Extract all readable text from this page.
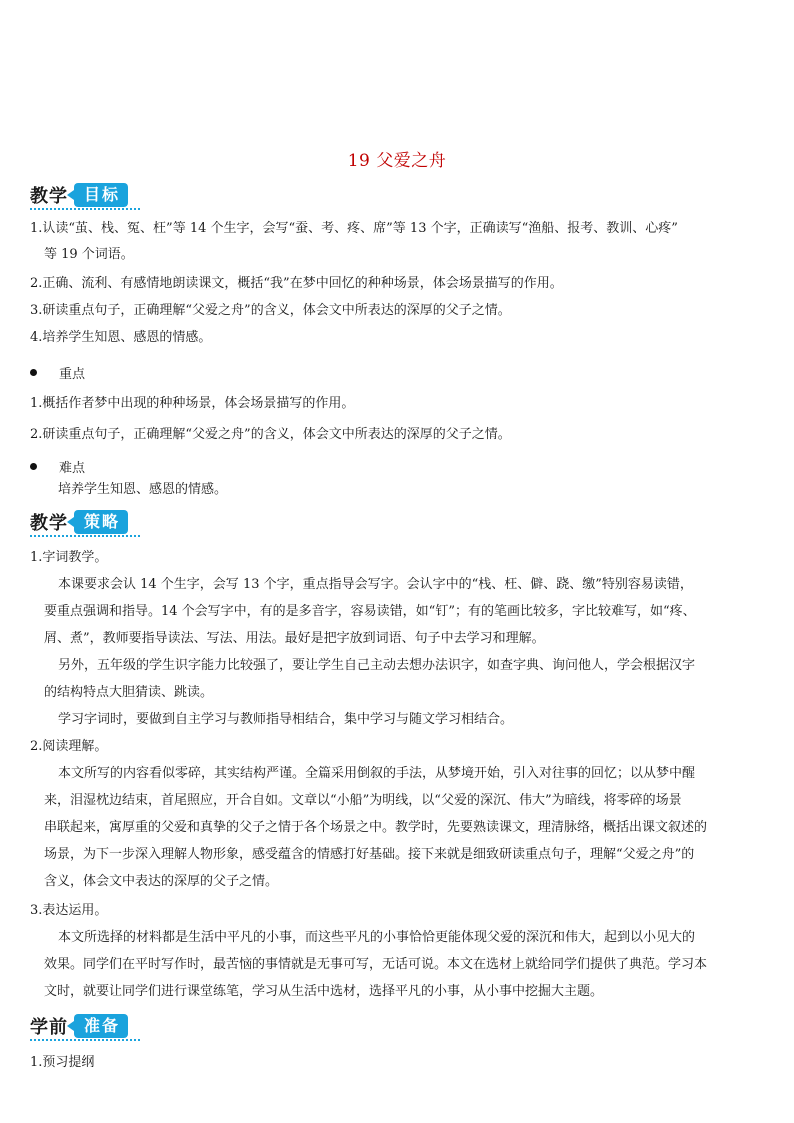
19 父爱之舟
教学	目标
1.认读“茧、栈、冤、枉”等 14 个生字，会写“蚕、考、疼、席”等 13 个字，正确读写“渔船、报考、教训、心疼”
等 19 个词语。
2.正确、流利、有感情地朗读课文，概括“我”在梦中回忆的种种场景，体会场景描写的作用。
3.研读重点句子，正确理解“父爱之舟”的含义，体会文中所表达的深厚的父子之情。
4.培养学生知恩、感恩的情感。
重点
1.概括作者梦中出现的种种场景，体会场景描写的作用。
2.研读重点句子，正确理解“父爱之舟”的含义，体会文中所表达的深厚的父子之情。
难点
培养学生知恩、感恩的情感。
教学	策略
1.字词教学。
本课要求会认 14 个生字，会写 13 个字，重点指导会写字。会认字中的“栈、枉、僻、跷、缴”特别容易读错，
要重点强调和指导。14 个会写字中，有的是多音字，容易读错，如“钉”；有的笔画比较多，字比较难写，如“疼、
屑、煮”，教师要指导读法、写法、用法。最好是把字放到词语、句子中去学习和理解。
另外，五年级的学生识字能力比较强了，要让学生自己主动去想办法识字，如查字典、询问他人，学会根据汉字
的结构特点大胆猜读、跳读。
学习字词时，要做到自主学习与教师指导相结合，集中学习与随文学习相结合。
2.阅读理解。
本文所写的内容看似零碎，其实结构严谨。全篇采用倒叙的手法，从梦境开始，引入对往事的回忆；以从梦中醒
来，泪湿枕边结束，首尾照应，开合自如。文章以“小船”为明线，以“父爱的深沉、伟大”为暗线，将零碎的场景
串联起来，寓厚重的父爱和真挚的父子之情于各个场景之中。教学时，先要熟读课文，理清脉络，概括出课文叙述的
场景，为下一步深入理解人物形象，感受蕴含的情感打好基础。接下来就是细致研读重点句子，理解“父爱之舟”的
含义，体会文中表达的深厚的父子之情。
3.表达运用。
本文所选择的材料都是生活中平凡的小事，而这些平凡的小事恰恰更能体现父爱的深沉和伟大，起到以小见大的
效果。同学们在平时写作时，最苦恼的事情就是无事可写，无话可说。本文在选材上就给同学们提供了典范。学习本
文时，就要让同学们进行课堂练笔，学习从生活中选材，选择平凡的小事，从小事中挖掘大主题。
学前	准备
1.预习提纲
